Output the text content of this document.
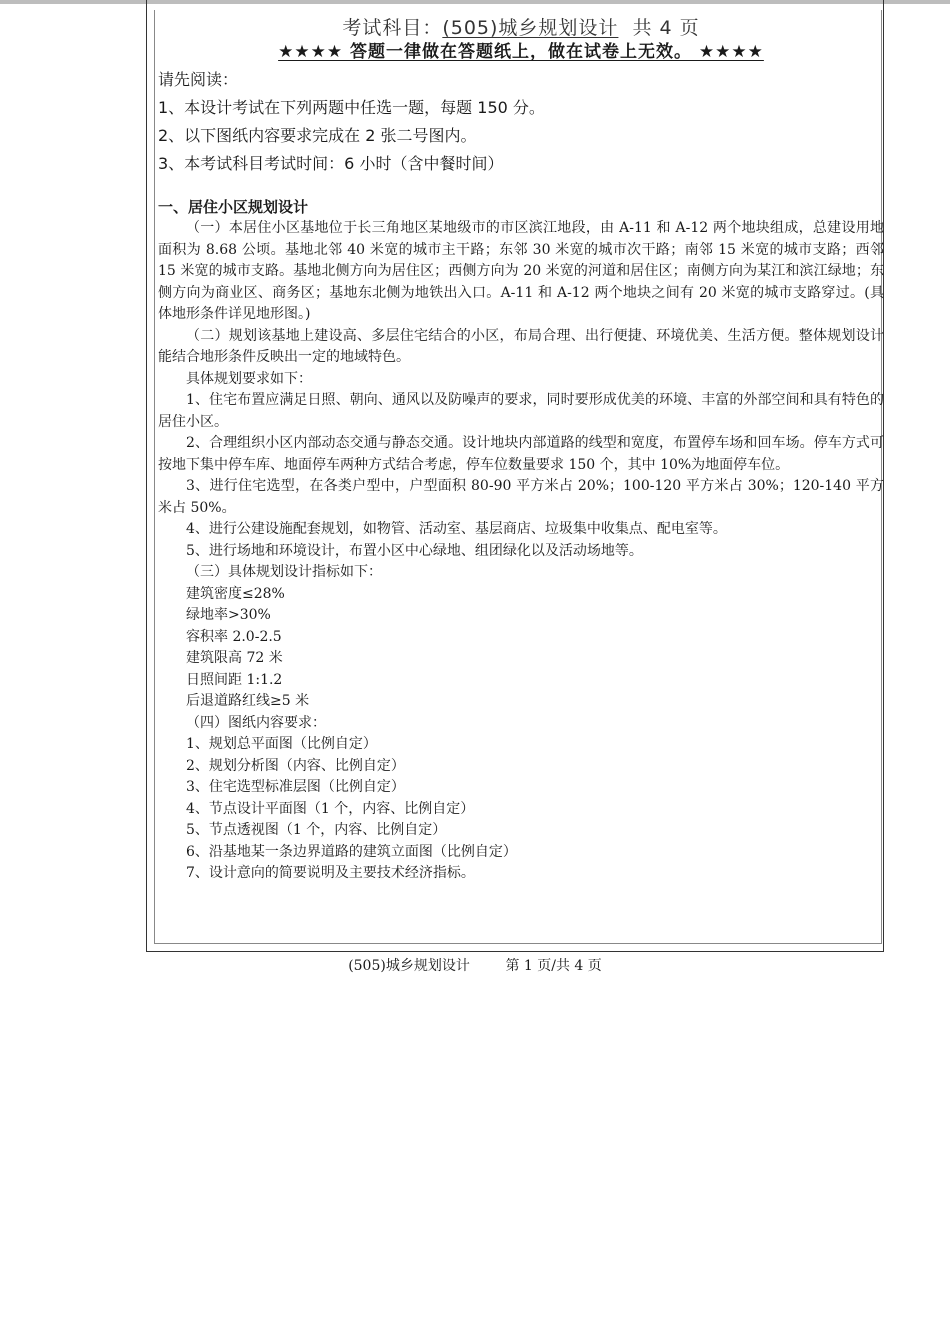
考试科目：(505)城乡规划设计 共 4 页
★★★★ 答题一律做在答题纸上，做在试卷上无效。 ★★★★
请先阅读：
1、本设计考试在下列两题中任选一题，每题 150 分。
2、以下图纸内容要求完成在 2 张二号图内。
3、本考试科目考试时间：6 小时（含中餐时间）
一、居住小区规划设计
（一）本居住小区基地位于长三角地区某地级市的市区滨江地段，由 A-11 和 A-12 两个地块组成，总建设用地面积为 8.68 公顷。基地北邻 40 米宽的城市主干路；东邻 30 米宽的城市次干路；南邻 15 米宽的城市支路；西邻 15 米宽的城市支路。基地北侧方向为居住区；西侧方向为 20 米宽的河道和居住区；南侧方向为某江和滨江绿地；东侧方向为商业区、商务区；基地东北侧为地铁出入口。A-11 和 A-12 两个地块之间有 20 米宽的城市支路穿过。(具体地形条件详见地形图。)
（二）规划该基地上建设高、多层住宅结合的小区，布局合理、出行便捷、环境优美、生活方便。整体规划设计能结合地形条件反映出一定的地域特色。
具体规划要求如下：
1、住宅布置应满足日照、朝向、通风以及防噪声的要求，同时要形成优美的环境、丰富的外部空间和具有特色的居住小区。
2、合理组织小区内部动态交通与静态交通。设计地块内部道路的线型和宽度，布置停车场和回车场。停车方式可按地下集中停车库、地面停车两种方式结合考虑，停车位数量要求 150 个，其中 10%为地面停车位。
3、进行住宅选型，在各类户型中，户型面积 80-90 平方米占 20%；100-120 平方米占 30%；120-140 平方米占 50%。
4、进行公建设施配套规划，如物管、活动室、基层商店、垃圾集中收集点、配电室等。
5、进行场地和环境设计，布置小区中心绿地、组团绿化以及活动场地等。
（三）具体规划设计指标如下：
建筑密度≤28%
绿地率>30%
容积率 2.0-2.5
建筑限高 72 米
日照间距 1:1.2
后退道路红线≥5 米
（四）图纸内容要求：
1、规划总平面图（比例自定）
2、规划分析图（内容、比例自定）
3、住宅选型标准层图（比例自定）
4、节点设计平面图（1 个，内容、比例自定）
5、节点透视图（1 个，内容、比例自定）
6、沿基地某一条边界道路的建筑立面图（比例自定）
7、设计意向的简要说明及主要技术经济指标。
(505)城乡规划设计	第 1 页/共 4 页
